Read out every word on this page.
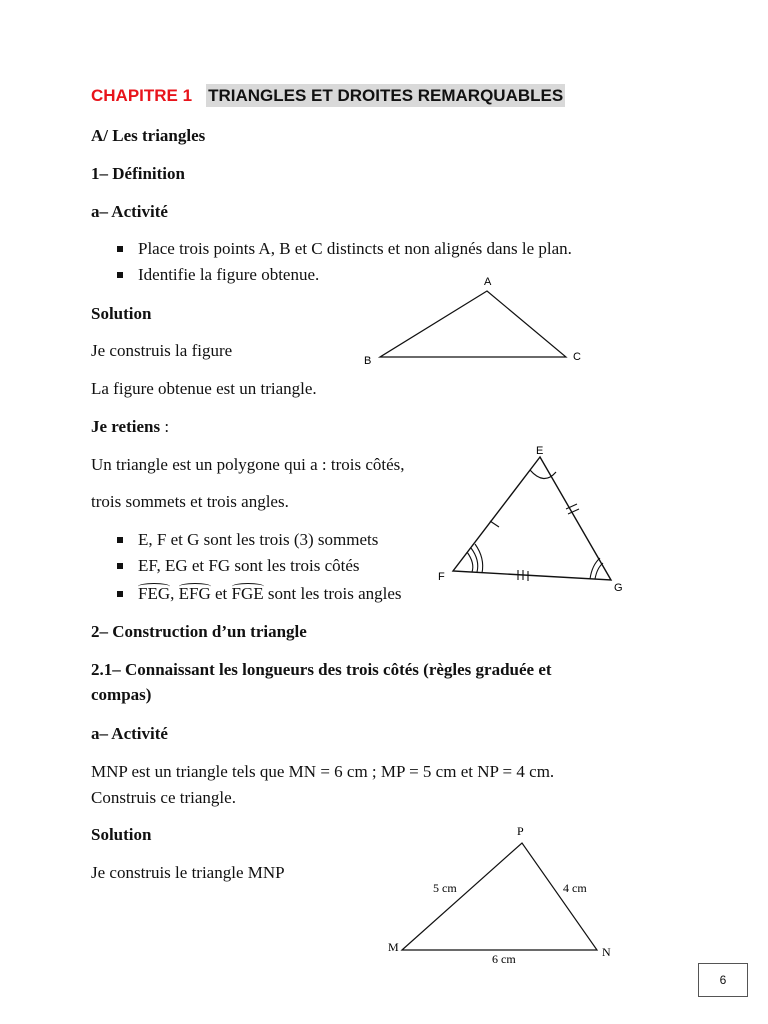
CHAPITRE 1 TRIANGLES ET DROITES REMARQUABLES
A/ Les triangles
1– Définition
a– Activité
Place trois points A, B et C distincts et non alignés dans le plan.
Identifie la figure obtenue.
Solution
Je construis la figure
La figure obtenue est un triangle.
Je retiens :
Un triangle est un polygone qui a : trois côtés,
trois sommets et trois angles.
E, F et G sont les trois (3) sommets
EF, EG et FG sont les trois côtés
FEG, EFG et FGE sont les trois angles
2– Construction d’un triangle
2.1– Connaissant les longueurs des trois côtés (règles graduée et
compas)
a– Activité
MNP est un triangle tels que MN = 6 cm ; MP = 5 cm et NP = 4 cm.
Construis ce triangle.
Solution
Je construis le triangle MNP
A
B	C
E
F
G
P
M	N
5 cm	4 cm
6 cm
6
